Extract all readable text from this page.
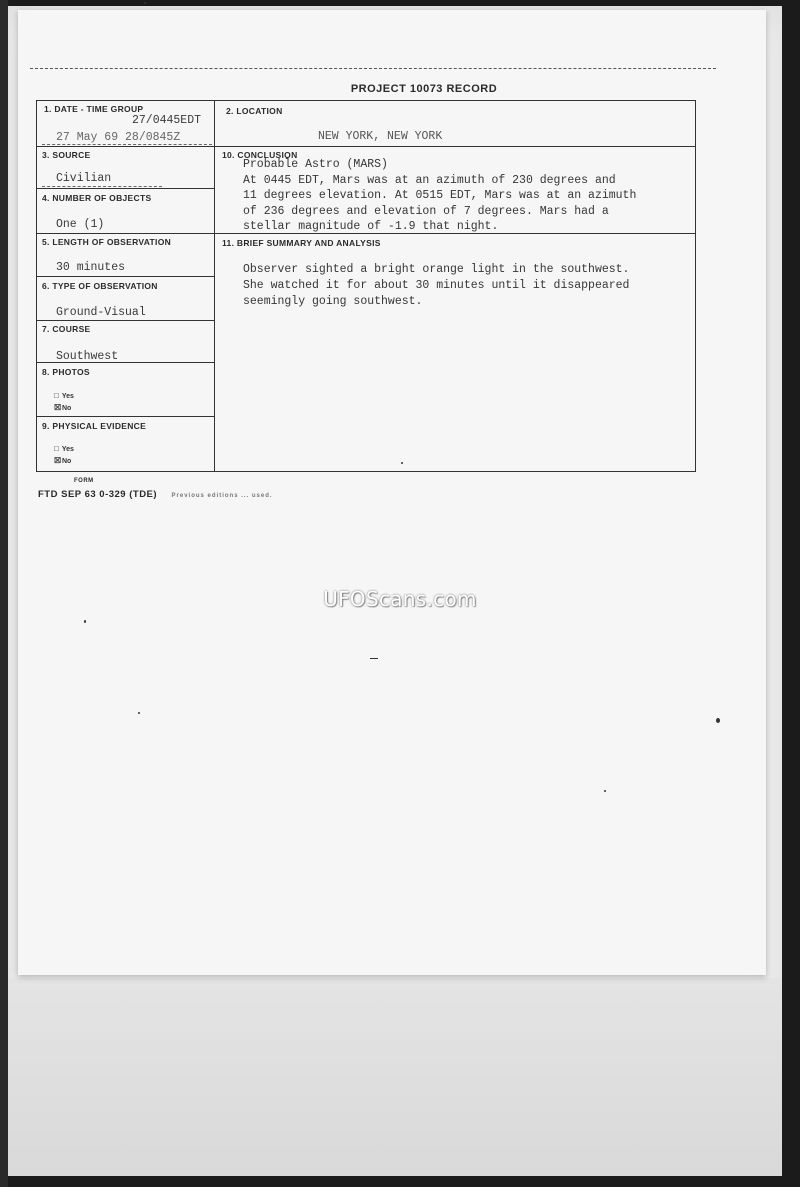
PROJECT 10073 RECORD
1. DATE - TIME GROUP
27/0445EDT
27 May 69 28/0845Z
2. LOCATION
NEW YORK, NEW YORK
3. SOURCE
Civilian
4. NUMBER OF OBJECTS
One (1)
5. LENGTH OF OBSERVATION
30 minutes
6. TYPE OF OBSERVATION
Ground-Visual
7. COURSE
Southwest
8. PHOTOS
□ Yes
☒ No
9. PHYSICAL EVIDENCE
□ Yes
☒ No
10. CONCLUSION
Probable Astro (MARS)
At 0445 EDT, Mars was at an azimuth of 230 degrees and
11 degrees elevation. At 0515 EDT, Mars was at an azimuth
of 236 degrees and elevation of 7 degrees. Mars had a
stellar magnitude of -1.9 that night.
11. BRIEF SUMMARY AND ANALYSIS
Observer sighted a bright orange light in the southwest.
She watched it for about 30 minutes until it disappeared
seemingly going southwest.
FORM
FTD SEP 63 0-329 (TDE) Previous editions ... used.
UFOScans.com
